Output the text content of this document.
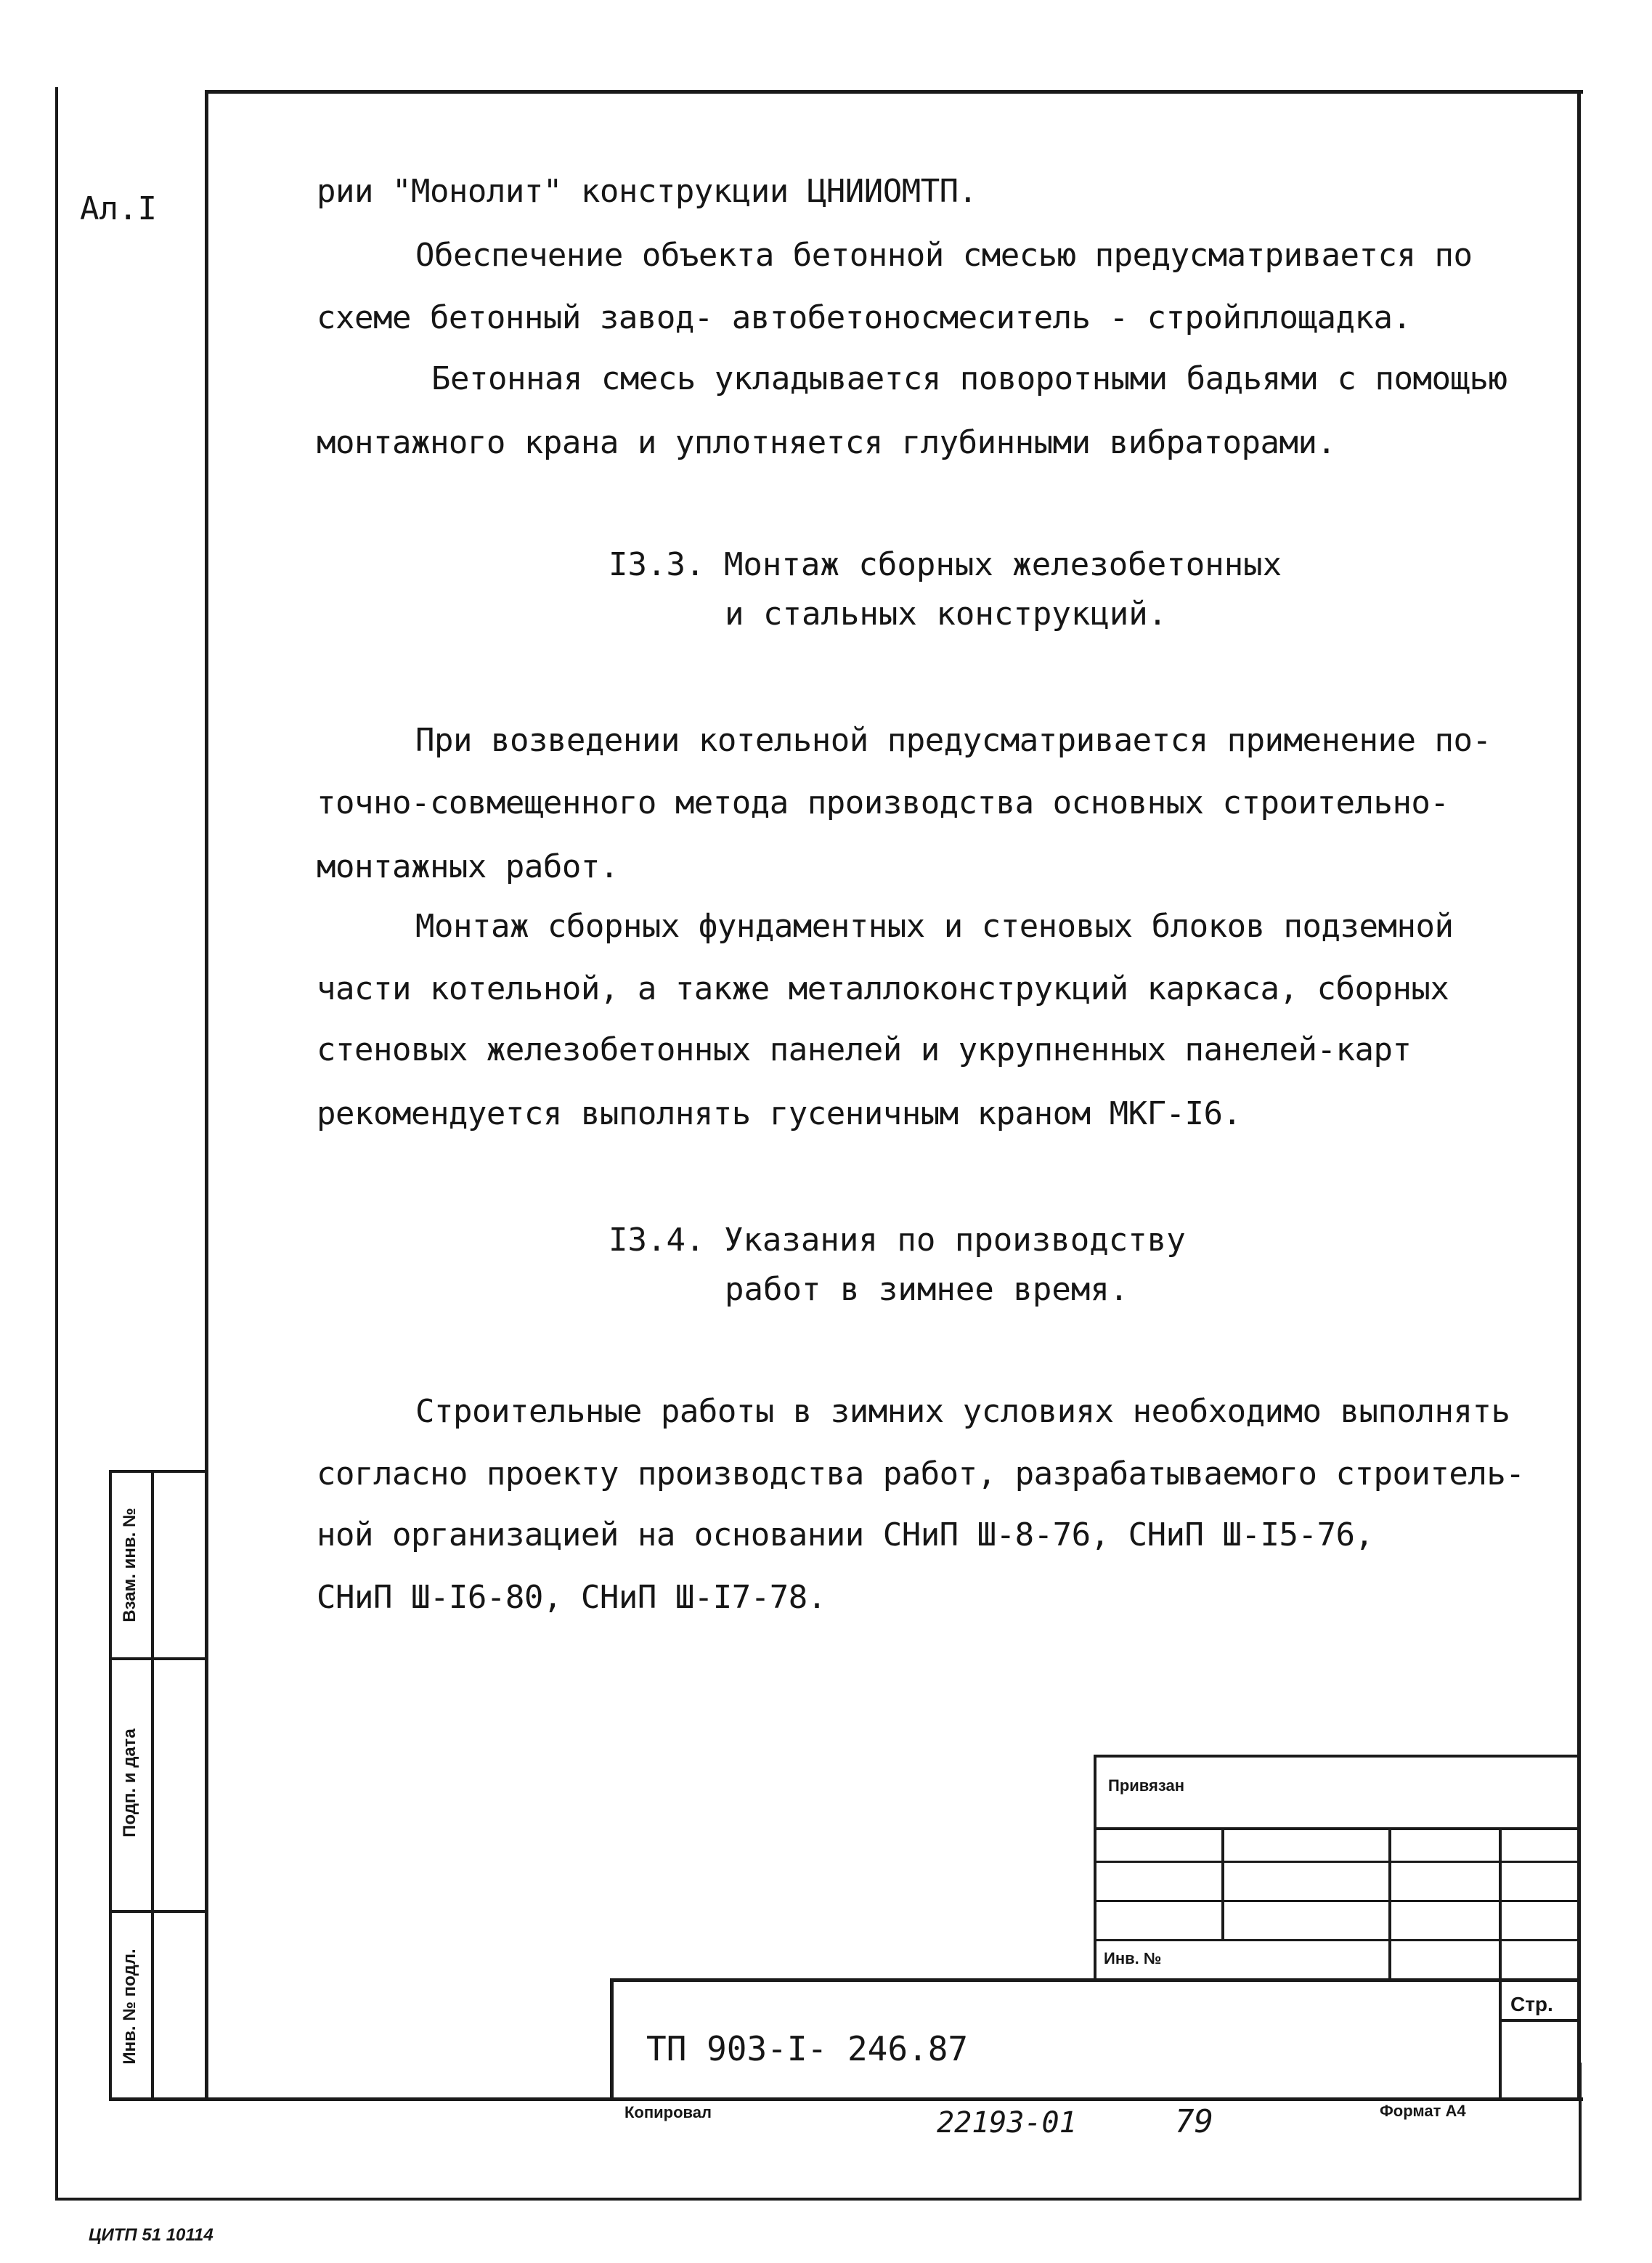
Ал.I	рии "Монолит" конструкции ЦНИИОМТП.
Обеспечение объекта бетонной смесью предусматривается по
схеме бетонный завод- автобетоносмеситель - стройплощадка.
Бетонная смесь укладывается поворотными бадьями с помощью
монтажного крана и уплотняется глубинными вибраторами.
I3.3. Монтаж сборных железобетонных
и стальных конструкций.
При возведении котельной предусматривается применение по-
точно-совмещенного метода производства основных строительно-
монтажных работ.
Монтаж сборных фундаментных и стеновых блоков подземной
части котельной, а также металлоконструкций каркаса, сборных
стеновых железобетонных панелей и укрупненных панелей-карт
рекомендуется выполнять гусеничным краном МКГ-I6.
I3.4. Указания по производству
работ в зимнее время.
Строительные работы в зимних условиях необходимо выполнять
согласно проекту производства работ, разрабатываемого строитель-
ной организацией на основании СНиП Ш-8-76, СНиП Ш-I5-76,
СНиП Ш-I6-80, СНиП Ш-I7-78.
Взам. инв. №
Подп. и дата
Инв. № подл.
Привязан
Инв. №
Стр.
ТП 903-I- 246.87
Копировал	22193-01	79	Формат А4
ЦИТП 51 10114
